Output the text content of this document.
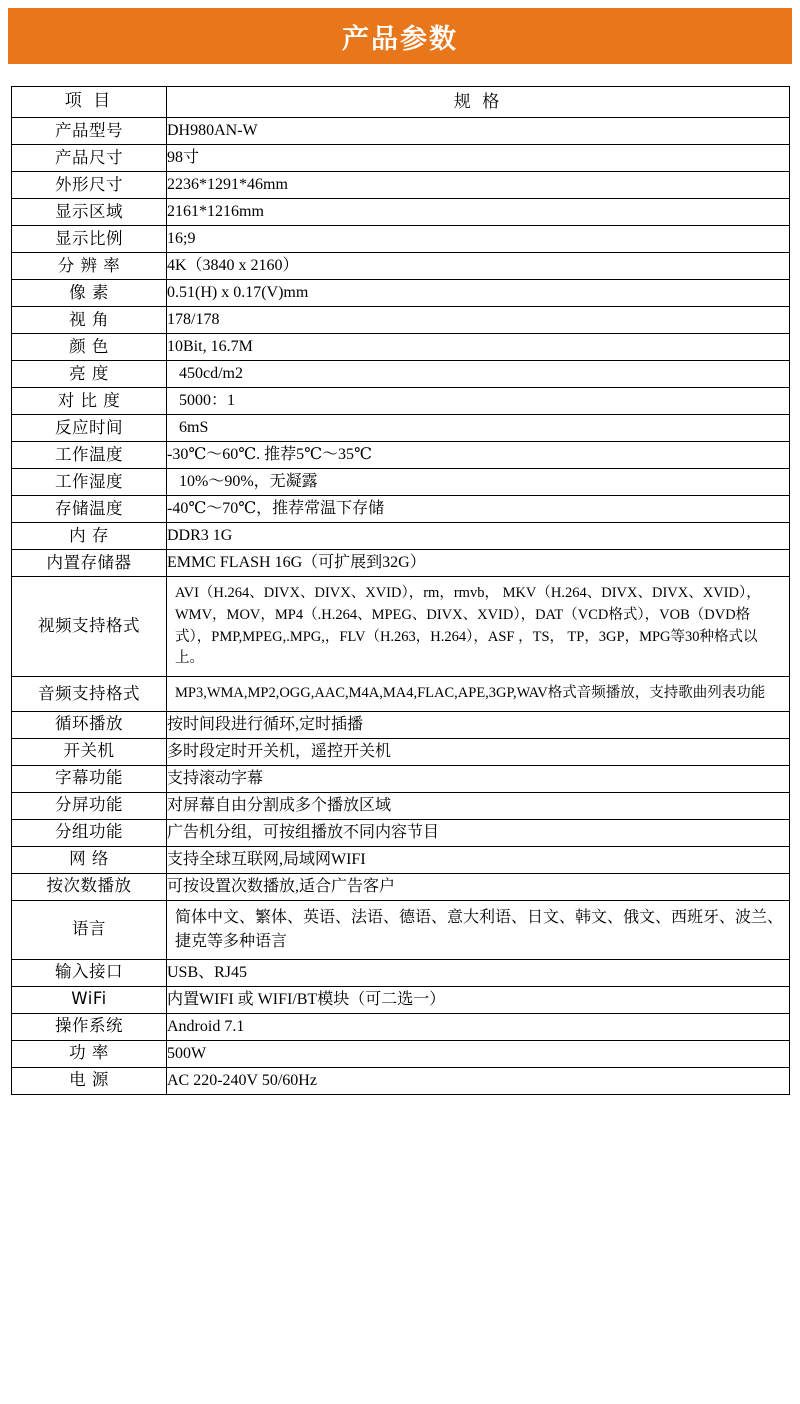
产品参数
项 目	规 格
产品型号	DH980AN-W
产品尺寸	98寸
外形尺寸	2236*1291*46mm
显示区域	2161*1216mm
显示比例	16;9
分 辨 率	4K（3840 x 2160）
像 素	0.51(H) x 0.17(V)mm
视 角	178/178
颜 色	10Bit, 16.7M
亮 度	450cd/m2
对 比 度	5000：1
反应时间	6mS
工作温度	-30℃～60℃. 推荐5℃～35℃
工作湿度	10%～90%，无凝露
存储温度	-40℃～70℃，推荐常温下存储
内 存	DDR3 1G
内置存储器	EMMC FLASH 16G（可扩展到32G）
视频支持格式	AVI（H.264、DIVX、DIVX、XVID），rm，rmvb， MKV（H.264、DIVX、DIVX、XVID），WMV，MOV，MP4（.H.264、MPEG、DIVX、XVID），DAT（VCD格式），VOB（DVD格式），PMP,MPEG,.MPG,，FLV（H.263，H.264），ASF ，TS， TP，3GP，MPG等30种格式以上。
音频支持格式	MP3,WMA,MP2,OGG,AAC,M4A,MA4,FLAC,APE,3GP,WAV格式音频播放，支持歌曲列表功能
循环播放	按时间段进行循环,定时插播
开关机	多时段定时开关机，遥控开关机
字幕功能	支持滚动字幕
分屏功能	对屏幕自由分割成多个播放区域
分组功能	广告机分组，可按组播放不同内容节目
网 络	支持全球互联网,局域网WIFI
按次数播放	可按设置次数播放,适合广告客户
语言	简体中文、繁体、英语、法语、德语、意大利语、日文、韩文、俄文、西班牙、波兰、捷克等多种语言
输入接口	USB、RJ45
WiFi	内置WIFI 或 WIFI/BT模块（可二选一）
操作系统	Android 7.1
功 率	500W
电 源	AC 220-240V 50/60Hz
